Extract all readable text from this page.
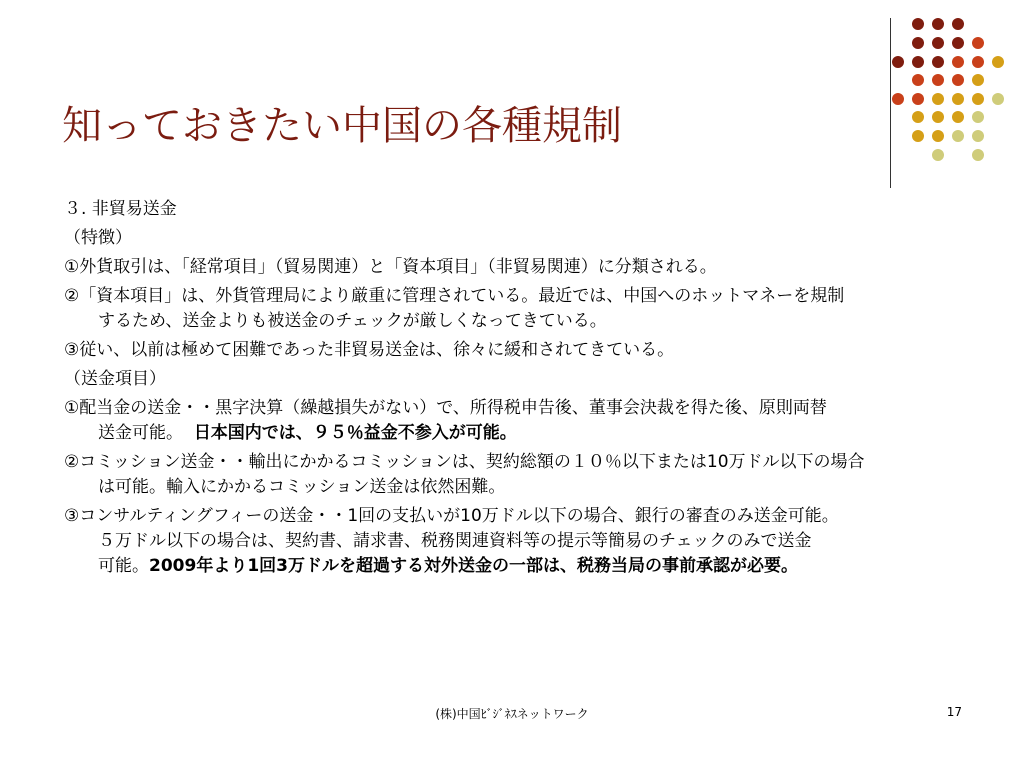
知っておきたい中国の各種規制

３. 非貿易送金

（特徴）

①外貨取引は、「経常項目」（貿易関連）と「資本項目」（非貿易関連）に分類される。

②「資本項目」は、外貨管理局により厳重に管理されている。最近では、中国へのホットマネーを規制

するため、送金よりも被送金のチェックが厳しくなってきている。

③従い、以前は極めて困難であった非貿易送金は、徐々に緩和されてきている。

（送金項目）

①配当金の送金・・黒字決算（繰越損失がない）で、所得税申告後、董事会決裁を得た後、原則両替

送金可能。 日本国内では、９５％益金不参入が可能。

②コミッション送金・・輸出にかかるコミッションは、契約総額の１０％以下または10万ドル以下の場合

は可能。輸入にかかるコミッション送金は依然困難。

③コンサルティングフィーの送金・・1回の支払いが10万ドル以下の場合、銀行の審査のみ送金可能。

５万ドル以下の場合は、契約書、請求書、税務関連資料等の提示等簡易のチェックのみで送金

可能。2009年より1回3万ドルを超過する対外送金の一部は、税務当局の事前承認が必要。

(株)中国ﾋﾞｼﾞﾈｽネットワーク	17
